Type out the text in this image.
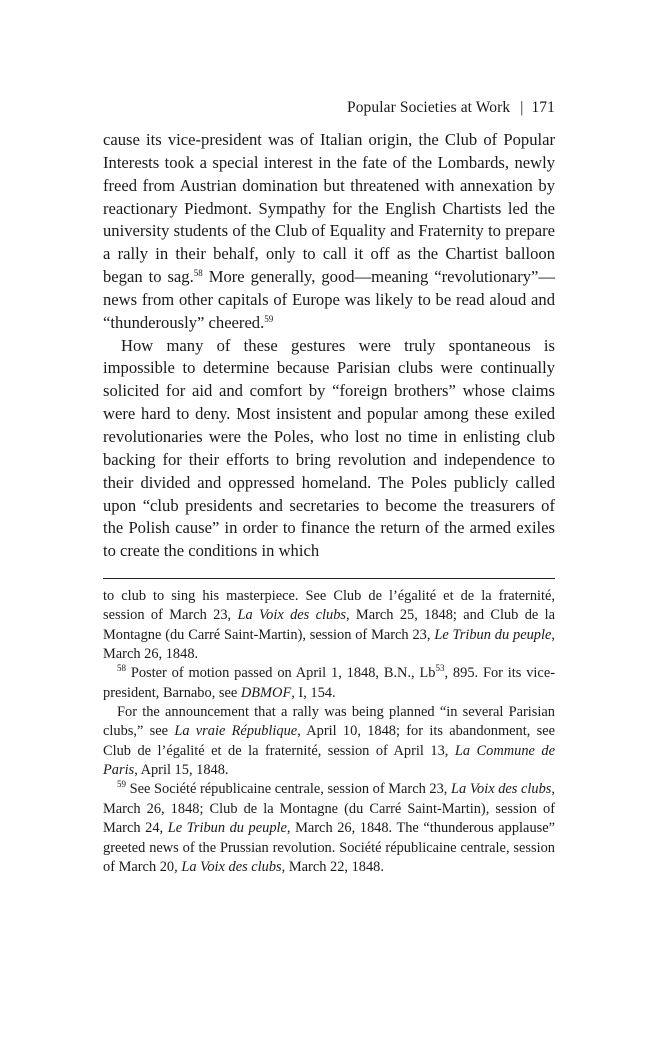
Popular Societies at Work | 171

cause its vice-president was of Italian origin, the Club of Popular Interests took a special interest in the fate of the Lombards, newly freed from Austrian domination but threatened with annexation by reactionary Piedmont. Sympathy for the English Chartists led the university students of the Club of Equality and Fraternity to prepare a rally in their behalf, only to call it off as the Chartist balloon began to sag.$^{58}$ More generally, good—meaning “revolutionary”—news from other capitals of Europe was likely to be read aloud and “thunderously” cheered.$^{59}$

How many of these gestures were truly spontaneous is impossible to determine because Parisian clubs were continually solicited for aid and comfort by “foreign brothers” whose claims were hard to deny. Most insistent and popular among these exiled revolutionaries were the Poles, who lost no time in enlisting club backing for their efforts to bring revolution and independence to their divided and oppressed homeland. The Poles publicly called upon “club presidents and secretaries to become the treasurers of the Polish cause” in order to finance the return of the armed exiles to create the conditions in which

to club to sing his masterpiece. See Club de l’égalité et de la fraternité, session of March 23, La Voix des clubs, March 25, 1848; and Club de la Montagne (du Carré Saint-Martin), session of March 23, Le Tribun du peuple, March 26, 1848.

$^{58}$ Poster of motion passed on April 1, 1848, B.N., Lb$^{53}$, 895. For its vice-president, Barnabo, see DBMOF, I, 154.

For the announcement that a rally was being planned “in several Parisian clubs,” see La vraie République, April 10, 1848; for its abandonment, see Club de l’égalité et de la fraternité, session of April 13, La Commune de Paris, April 15, 1848.

$^{59}$ See Société républicaine centrale, session of March 23, La Voix des clubs, March 26, 1848; Club de la Montagne (du Carré Saint-Martin), session of March 24, Le Tribun du peuple, March 26, 1848. The “thunderous applause” greeted news of the Prussian revolution. Société républicaine centrale, session of March 20, La Voix des clubs, March 22, 1848.
